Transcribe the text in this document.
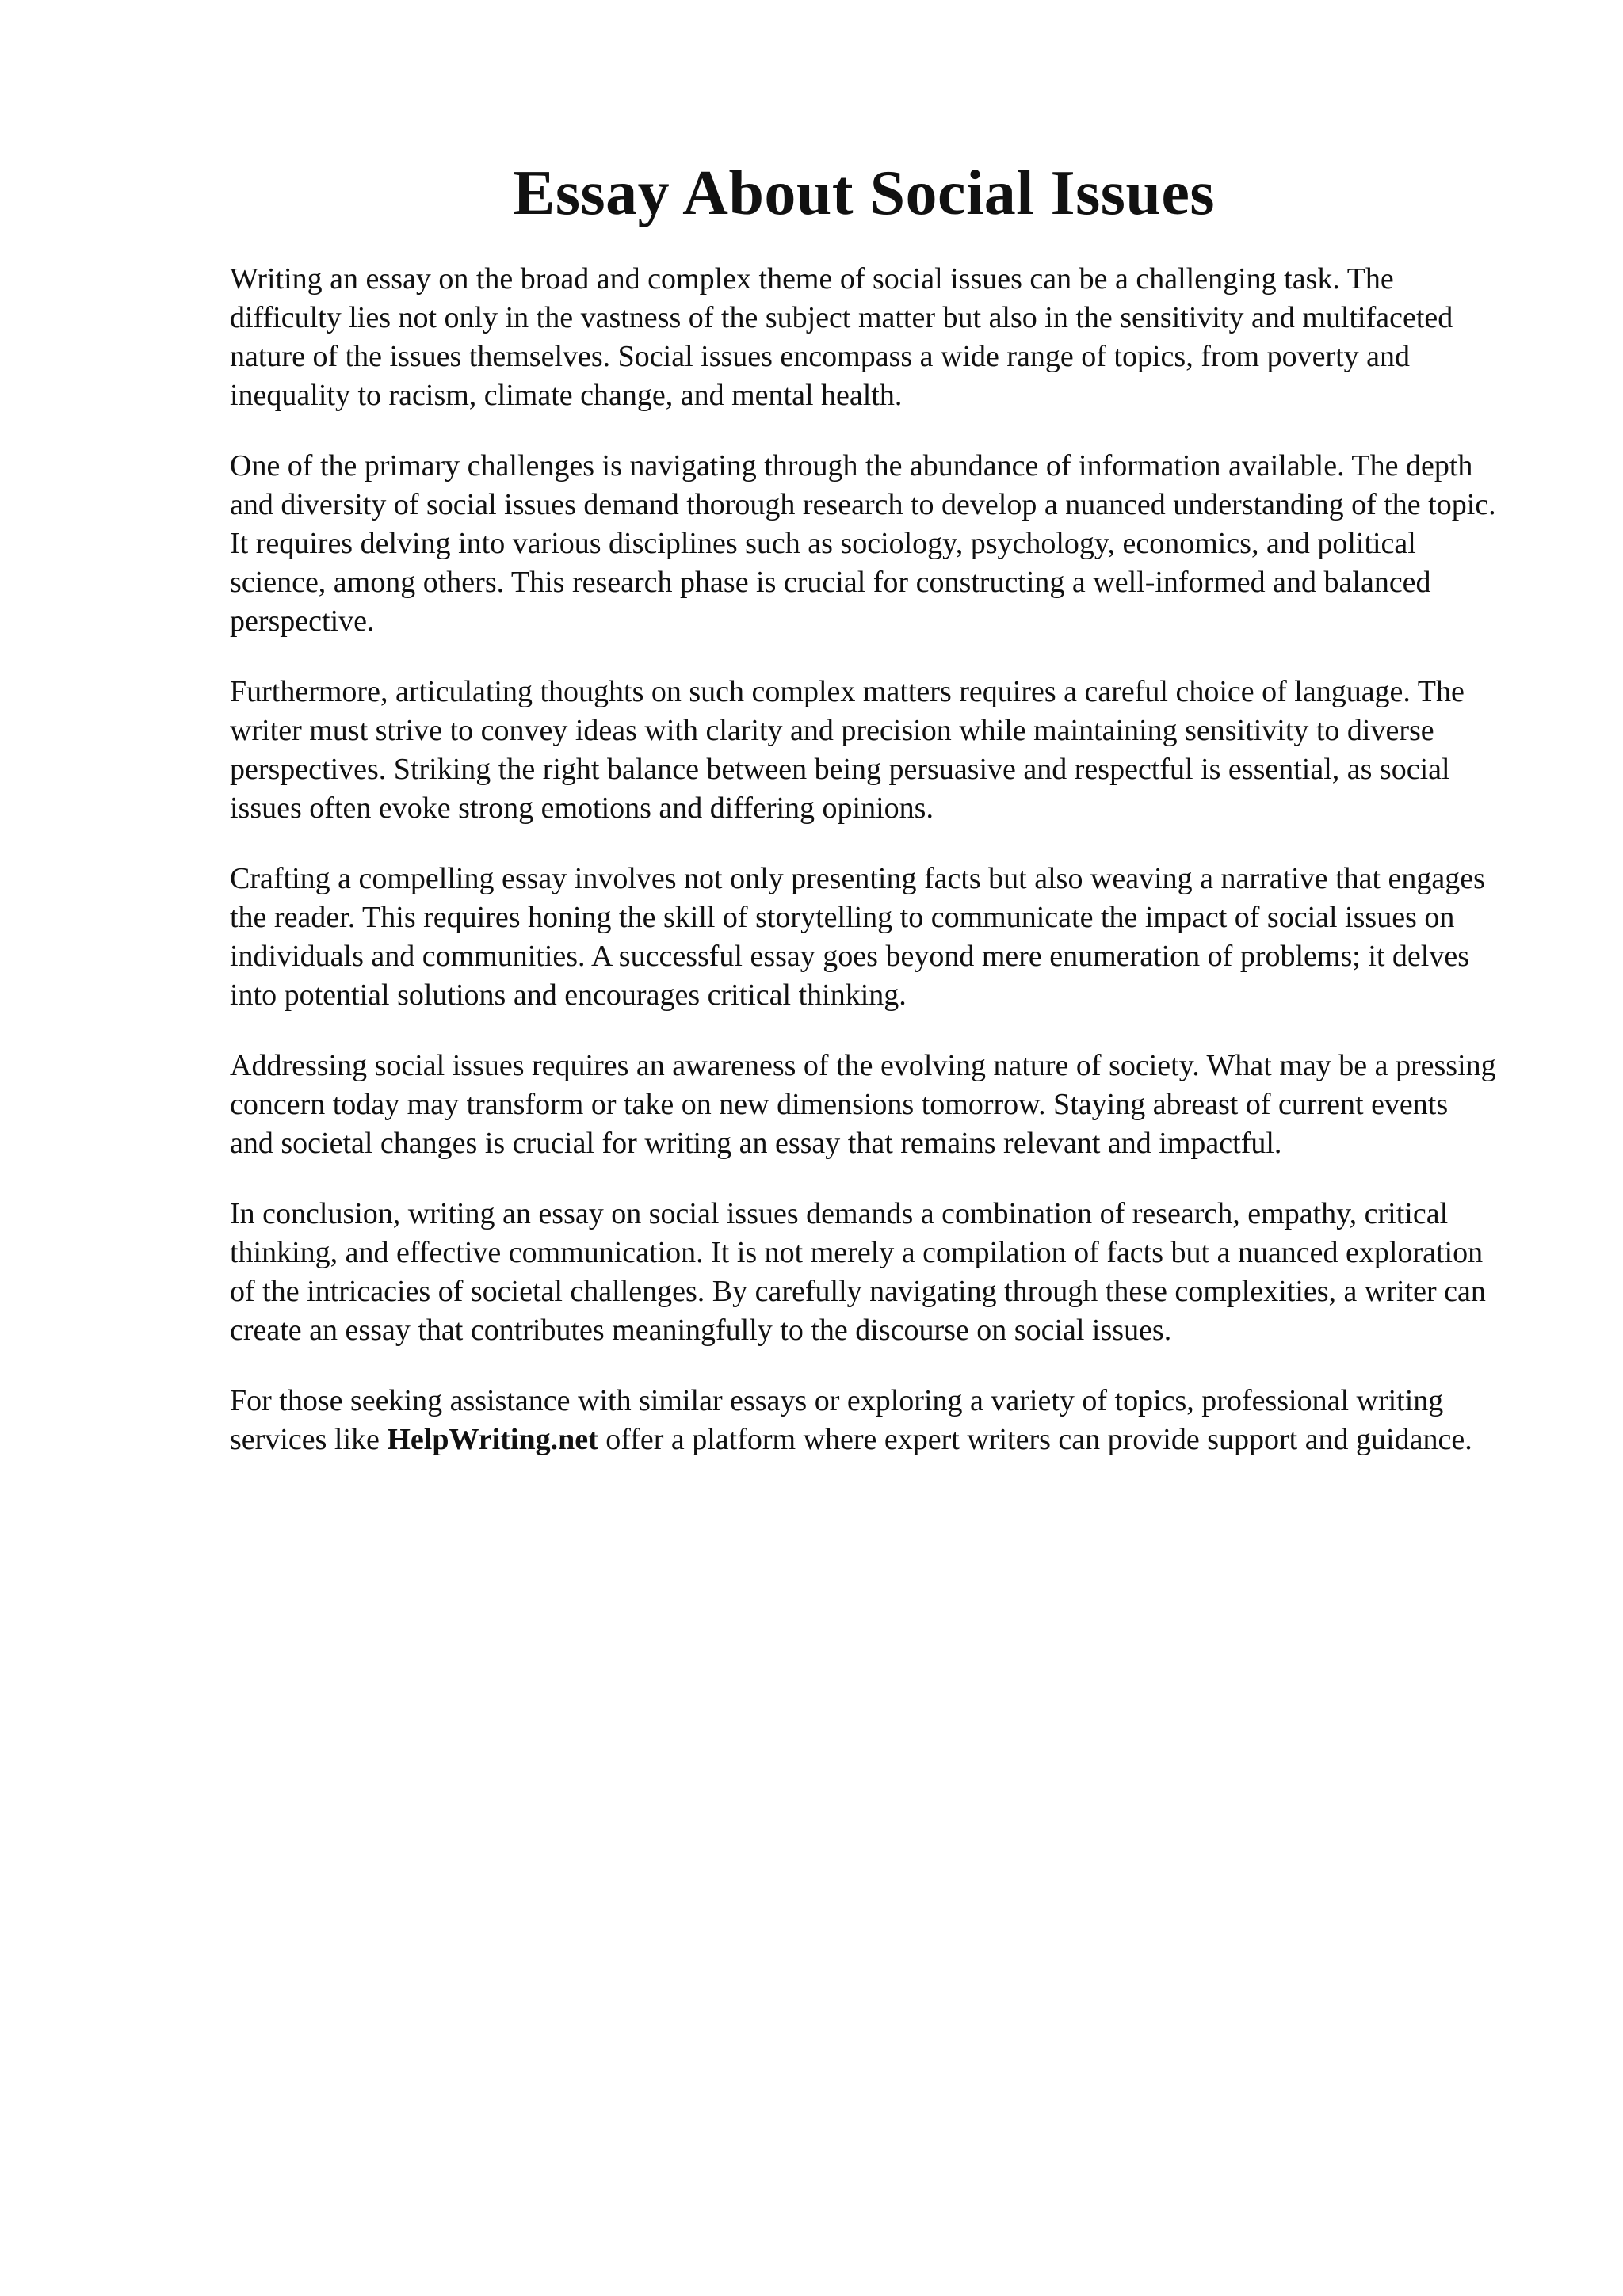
Essay About Social Issues

Writing an essay on the broad and complex theme of social issues can be a challenging task. The difficulty lies not only in the vastness of the subject matter but also in the sensitivity and multifaceted nature of the issues themselves. Social issues encompass a wide range of topics, from poverty and inequality to racism, climate change, and mental health.

One of the primary challenges is navigating through the abundance of information available. The depth and diversity of social issues demand thorough research to develop a nuanced understanding of the topic. It requires delving into various disciplines such as sociology, psychology, economics, and political science, among others. This research phase is crucial for constructing a well-informed and balanced perspective.

Furthermore, articulating thoughts on such complex matters requires a careful choice of language. The writer must strive to convey ideas with clarity and precision while maintaining sensitivity to diverse perspectives. Striking the right balance between being persuasive and respectful is essential, as social issues often evoke strong emotions and differing opinions.

Crafting a compelling essay involves not only presenting facts but also weaving a narrative that engages the reader. This requires honing the skill of storytelling to communicate the impact of social issues on individuals and communities. A successful essay goes beyond mere enumeration of problems; it delves into potential solutions and encourages critical thinking.

Addressing social issues requires an awareness of the evolving nature of society. What may be a pressing concern today may transform or take on new dimensions tomorrow. Staying abreast of current events and societal changes is crucial for writing an essay that remains relevant and impactful.

In conclusion, writing an essay on social issues demands a combination of research, empathy, critical thinking, and effective communication. It is not merely a compilation of facts but a nuanced exploration of the intricacies of societal challenges. By carefully navigating through these complexities, a writer can create an essay that contributes meaningfully to the discourse on social issues.

For those seeking assistance with similar essays or exploring a variety of topics, professional writing services like HelpWriting.net offer a platform where expert writers can provide support and guidance.
